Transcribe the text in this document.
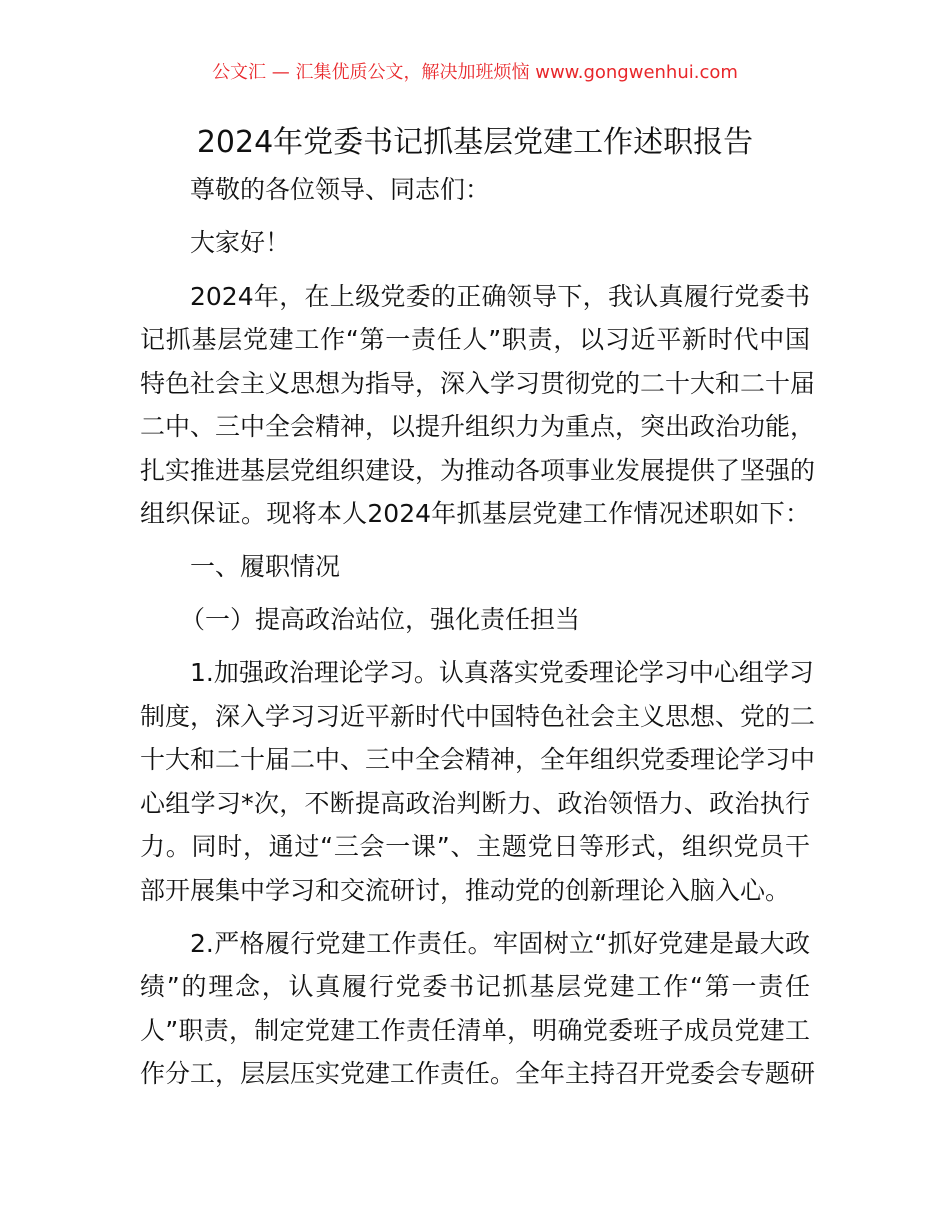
公文汇 — 汇集优质公文，解决加班烦恼 www.gongwenhui.com
2024年党委书记抓基层党建工作述职报告
尊敬的各位领导、同志们：
大家好！
2024年，在上级党委的正确领导下，我认真履行党委书
记抓基层党建工作“第一责任人”职责，以习近平新时代中国
特色社会主义思想为指导，深入学习贯彻党的二十大和二十届
二中、三中全会精神，以提升组织力为重点，突出政治功能，
扎实推进基层党组织建设，为推动各项事业发展提供了坚强的
组织保证。现将本人2024年抓基层党建工作情况述职如下：
一、履职情况
（一）提高政治站位，强化责任担当
1.加强政治理论学习。认真落实党委理论学习中心组学习
制度，深入学习习近平新时代中国特色社会主义思想、党的二
十大和二十届二中、三中全会精神，全年组织党委理论学习中
心组学习*次，不断提高政治判断力、政治领悟力、政治执行
力。同时，通过“三会一课”、主题党日等形式，组织党员干
部开展集中学习和交流研讨，推动党的创新理论入脑入心。
2.严格履行党建工作责任。牢固树立“抓好党建是最大政
绩”的理念，认真履行党委书记抓基层党建工作“第一责任
人”职责，制定党建工作责任清单，明确党委班子成员党建工
作分工，层层压实党建工作责任。全年主持召开党委会专题研
